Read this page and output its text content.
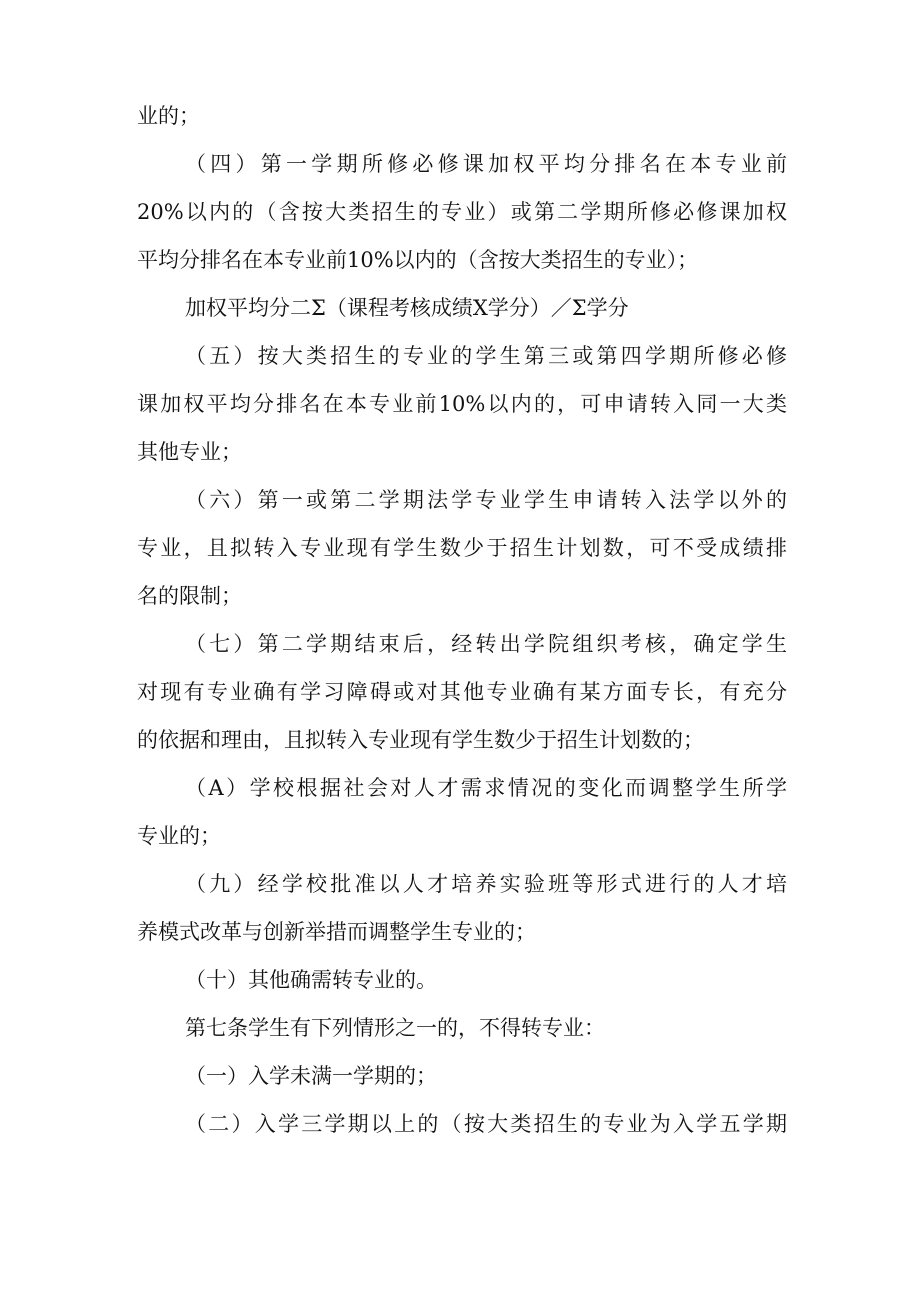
业的；
（四）第一学期所修必修课加权平均分排名在本专业前
20%以内的（含按大类招生的专业）或第二学期所修必修课加权
平均分排名在本专业前10%以内的（含按大类招生的专业）；
加权平均分二Σ（课程考核成绩X学分）／Σ学分
（五）按大类招生的专业的学生第三或第四学期所修必修
课加权平均分排名在本专业前10%以内的，可申请转入同一大类
其他专业；
（六）第一或第二学期法学专业学生申请转入法学以外的
专业，且拟转入专业现有学生数少于招生计划数，可不受成绩排
名的限制；
（七）第二学期结束后，经转出学院组织考核，确定学生
对现有专业确有学习障碍或对其他专业确有某方面专长，有充分
的依据和理由，且拟转入专业现有学生数少于招生计划数的；
（A）学校根据社会对人才需求情况的变化而调整学生所学
专业的；
（九）经学校批准以人才培养实验班等形式进行的人才培
养模式改革与创新举措而调整学生专业的；
（十）其他确需转专业的。
第七条学生有下列情形之一的，不得转专业：
（一）入学未满一学期的；
（二）入学三学期以上的（按大类招生的专业为入学五学期
